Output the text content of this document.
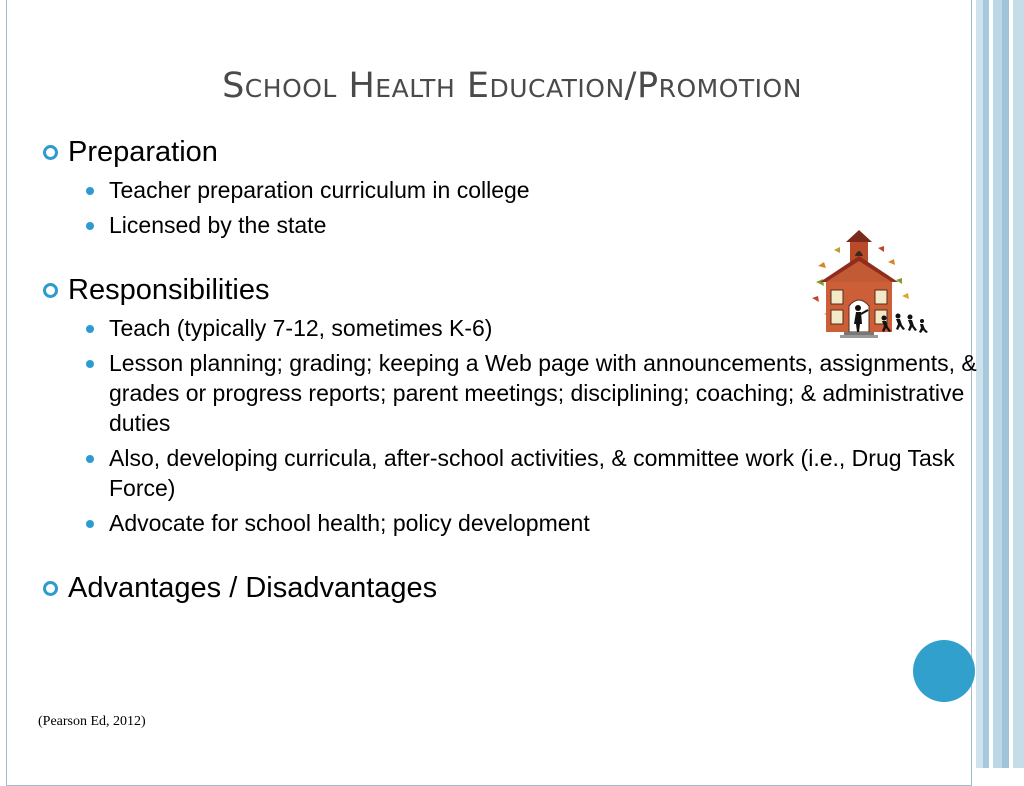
School Health Education/Promotion
Preparation
Teacher preparation curriculum in college
Licensed by the state
Responsibilities
Teach (typically 7-12, sometimes K-6)
Lesson planning; grading; keeping a Web page with announcements, assignments, & grades or progress reports; parent meetings; disciplining; coaching; & administrative duties
Also, developing curricula, after-school activities, & committee work (i.e., Drug Task Force)
Advocate for school health; policy development
Advantages / Disadvantages
(Pearson Ed, 2012)
